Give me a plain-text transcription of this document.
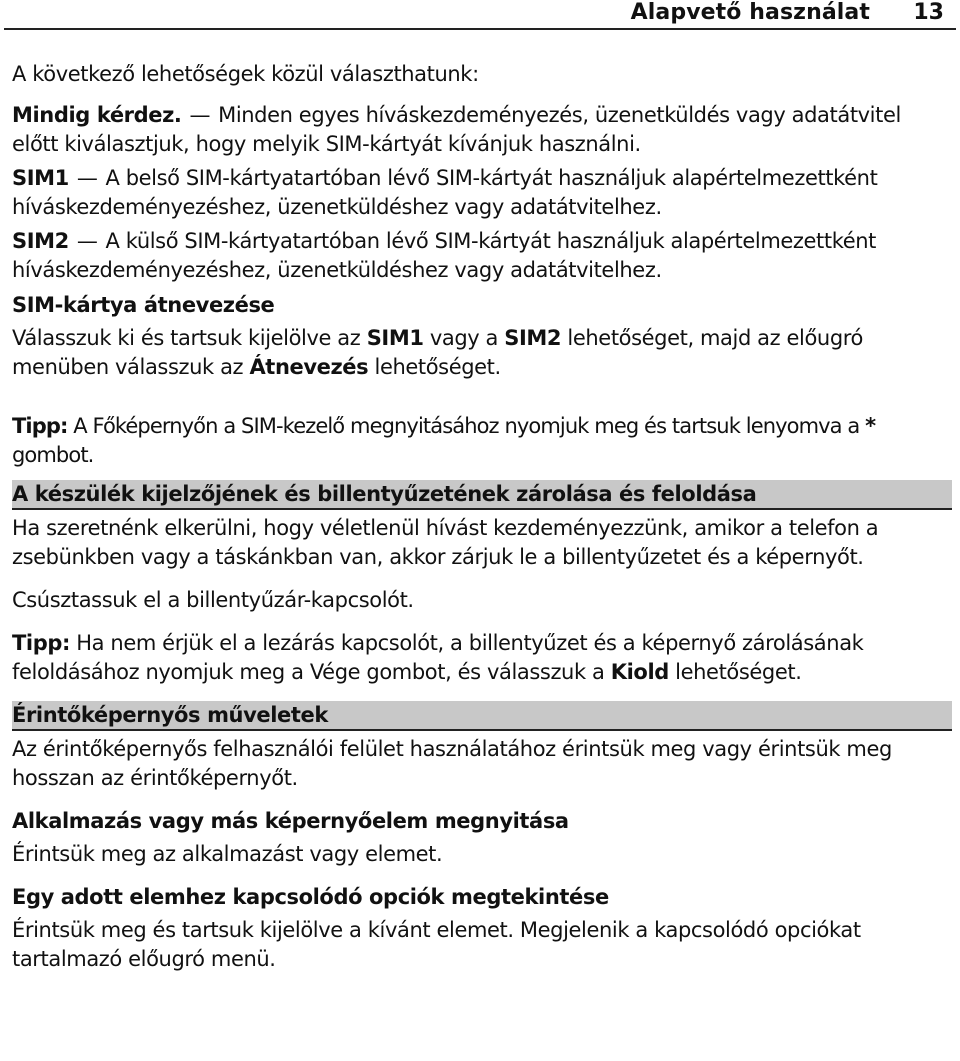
Alapvető használat 13

A következő lehetőségek közül választhatunk:

Mindig kérdez. — Minden egyes híváskezdeményezés, üzenetküldés vagy adatátvitel előtt kiválasztjuk, hogy melyik SIM-kártyát kívánjuk használni.

SIM1 — A belső SIM-kártyatartóban lévő SIM-kártyát használjuk alapértelmezettként híváskezdeményezéshez, üzenetküldéshez vagy adatátvitelhez.

SIM2 — A külső SIM-kártyatartóban lévő SIM-kártyát használjuk alapértelmezettként híváskezdeményezéshez, üzenetküldéshez vagy adatátvitelhez.

SIM-kártya átnevezése

Válasszuk ki és tartsuk kijelölve az SIM1 vagy a SIM2 lehetőséget, majd az előugró menüben válasszuk az Átnevezés lehetőséget.

Tipp: A Főképernyőn a SIM-kezelő megnyitásához nyomjuk meg és tartsuk lenyomva a * gombot.

A készülék kijelzőjének és billentyűzetének zárolása és feloldása

Ha szeretnénk elkerülni, hogy véletlenül hívást kezdeményezzünk, amikor a telefon a zsebünkben vagy a táskánkban van, akkor zárjuk le a billentyűzetet és a képernyőt.

Csúsztassuk el a billentyűzár-kapcsolót.

Tipp: Ha nem érjük el a lezárás kapcsolót, a billentyűzet és a képernyő zárolásának feloldásához nyomjuk meg a Vége gombot, és válasszuk a Kiold lehetőséget.

Érintőképernyős műveletek

Az érintőképernyős felhasználói felület használatához érintsük meg vagy érintsük meg hosszan az érintőképernyőt.

Alkalmazás vagy más képernyőelem megnyitása

Érintsük meg az alkalmazást vagy elemet.

Egy adott elemhez kapcsolódó opciók megtekintése

Érintsük meg és tartsuk kijelölve a kívánt elemet. Megjelenik a kapcsolódó opciókat tartalmazó előugró menü.
